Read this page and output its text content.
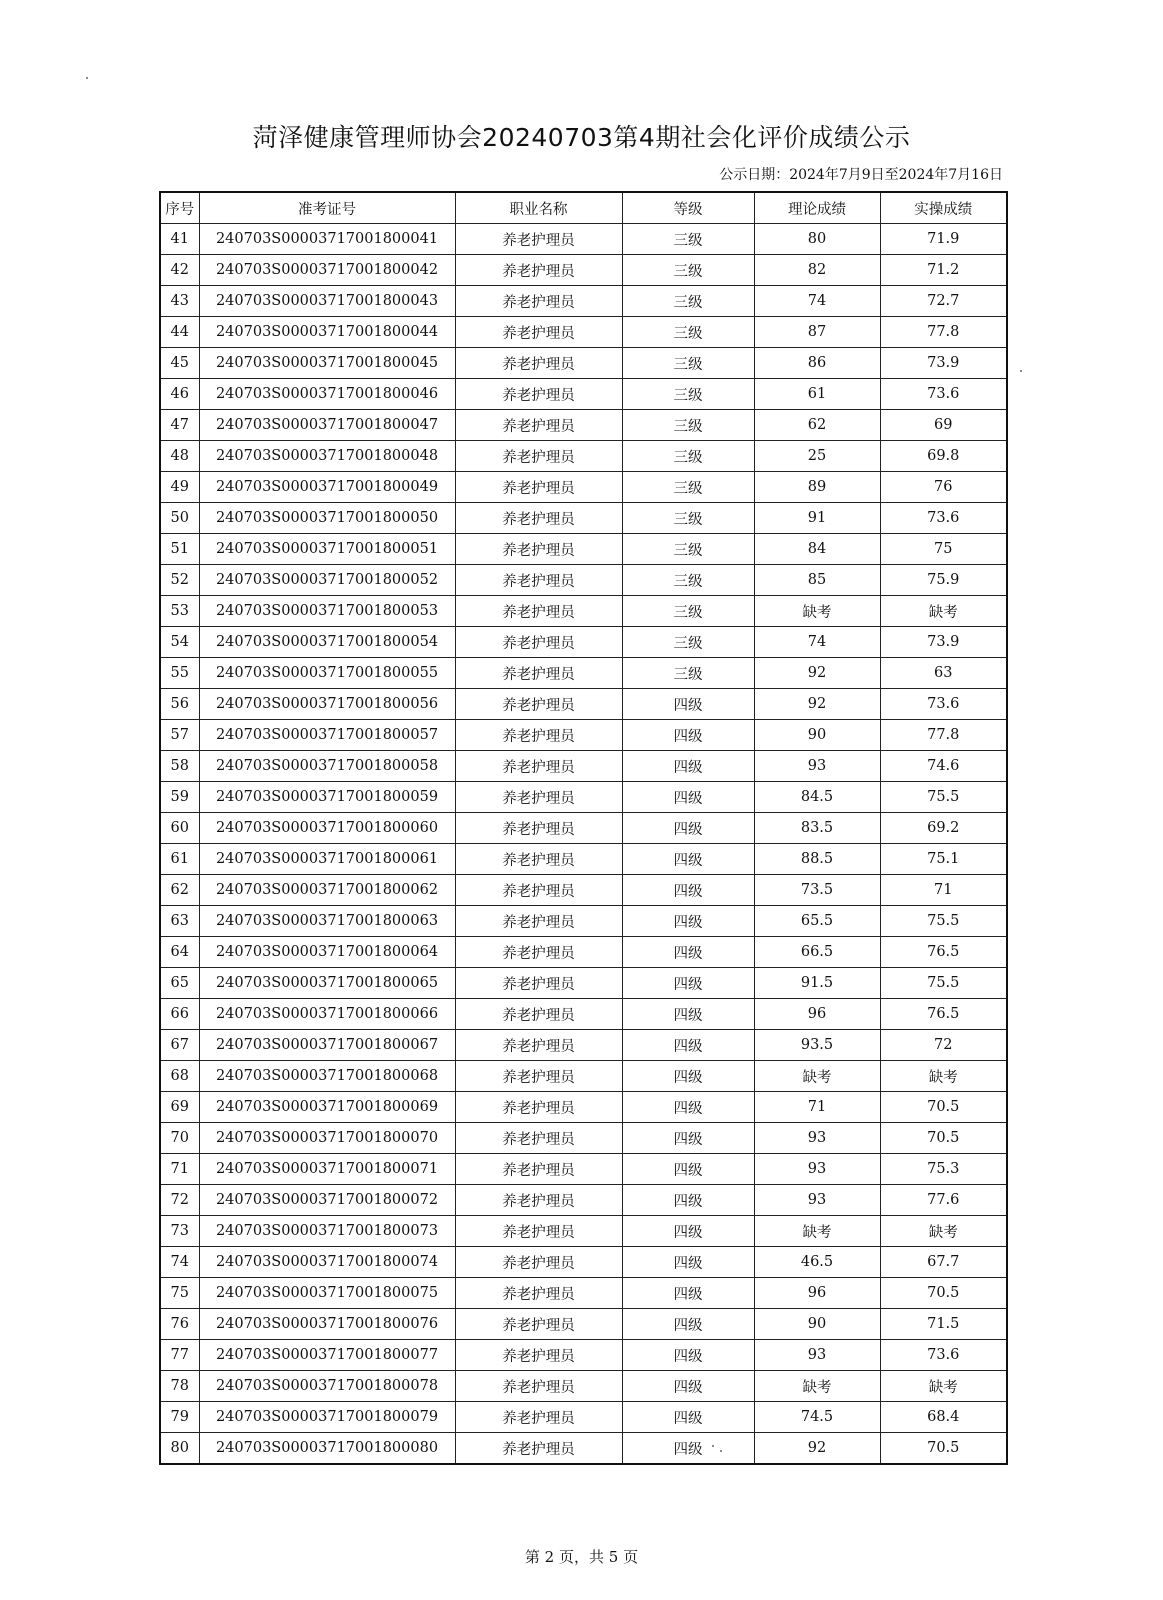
菏泽健康管理师协会20240703第4期社会化评价成绩公示
公示日期：2024年7月9日至2024年7月16日
序号	准考证号	职业名称	等级	理论成绩	实操成绩
41	240703S00003717001800041	养老护理员	三级	80	71.9
42	240703S00003717001800042	养老护理员	三级	82	71.2
43	240703S00003717001800043	养老护理员	三级	74	72.7
44	240703S00003717001800044	养老护理员	三级	87	77.8
45	240703S00003717001800045	养老护理员	三级	86	73.9
46	240703S00003717001800046	养老护理员	三级	61	73.6
47	240703S00003717001800047	养老护理员	三级	62	69
48	240703S00003717001800048	养老护理员	三级	25	69.8
49	240703S00003717001800049	养老护理员	三级	89	76
50	240703S00003717001800050	养老护理员	三级	91	73.6
51	240703S00003717001800051	养老护理员	三级	84	75
52	240703S00003717001800052	养老护理员	三级	85	75.9
53	240703S00003717001800053	养老护理员	三级	缺考	缺考
54	240703S00003717001800054	养老护理员	三级	74	73.9
55	240703S00003717001800055	养老护理员	三级	92	63
56	240703S00003717001800056	养老护理员	四级	92	73.6
57	240703S00003717001800057	养老护理员	四级	90	77.8
58	240703S00003717001800058	养老护理员	四级	93	74.6
59	240703S00003717001800059	养老护理员	四级	84.5	75.5
60	240703S00003717001800060	养老护理员	四级	83.5	69.2
61	240703S00003717001800061	养老护理员	四级	88.5	75.1
62	240703S00003717001800062	养老护理员	四级	73.5	71
63	240703S00003717001800063	养老护理员	四级	65.5	75.5
64	240703S00003717001800064	养老护理员	四级	66.5	76.5
65	240703S00003717001800065	养老护理员	四级	91.5	75.5
66	240703S00003717001800066	养老护理员	四级	96	76.5
67	240703S00003717001800067	养老护理员	四级	93.5	72
68	240703S00003717001800068	养老护理员	四级	缺考	缺考
69	240703S00003717001800069	养老护理员	四级	71	70.5
70	240703S00003717001800070	养老护理员	四级	93	70.5
71	240703S00003717001800071	养老护理员	四级	93	75.3
72	240703S00003717001800072	养老护理员	四级	93	77.6
73	240703S00003717001800073	养老护理员	四级	缺考	缺考
74	240703S00003717001800074	养老护理员	四级	46.5	67.7
75	240703S00003717001800075	养老护理员	四级	96	70.5
76	240703S00003717001800076	养老护理员	四级	90	71.5
77	240703S00003717001800077	养老护理员	四级	93	73.6
78	240703S00003717001800078	养老护理员	四级	缺考	缺考
79	240703S00003717001800079	养老护理员	四级	74.5	68.4
80	240703S00003717001800080	养老护理员	四级	92	70.5
第 2 页，共 5 页
